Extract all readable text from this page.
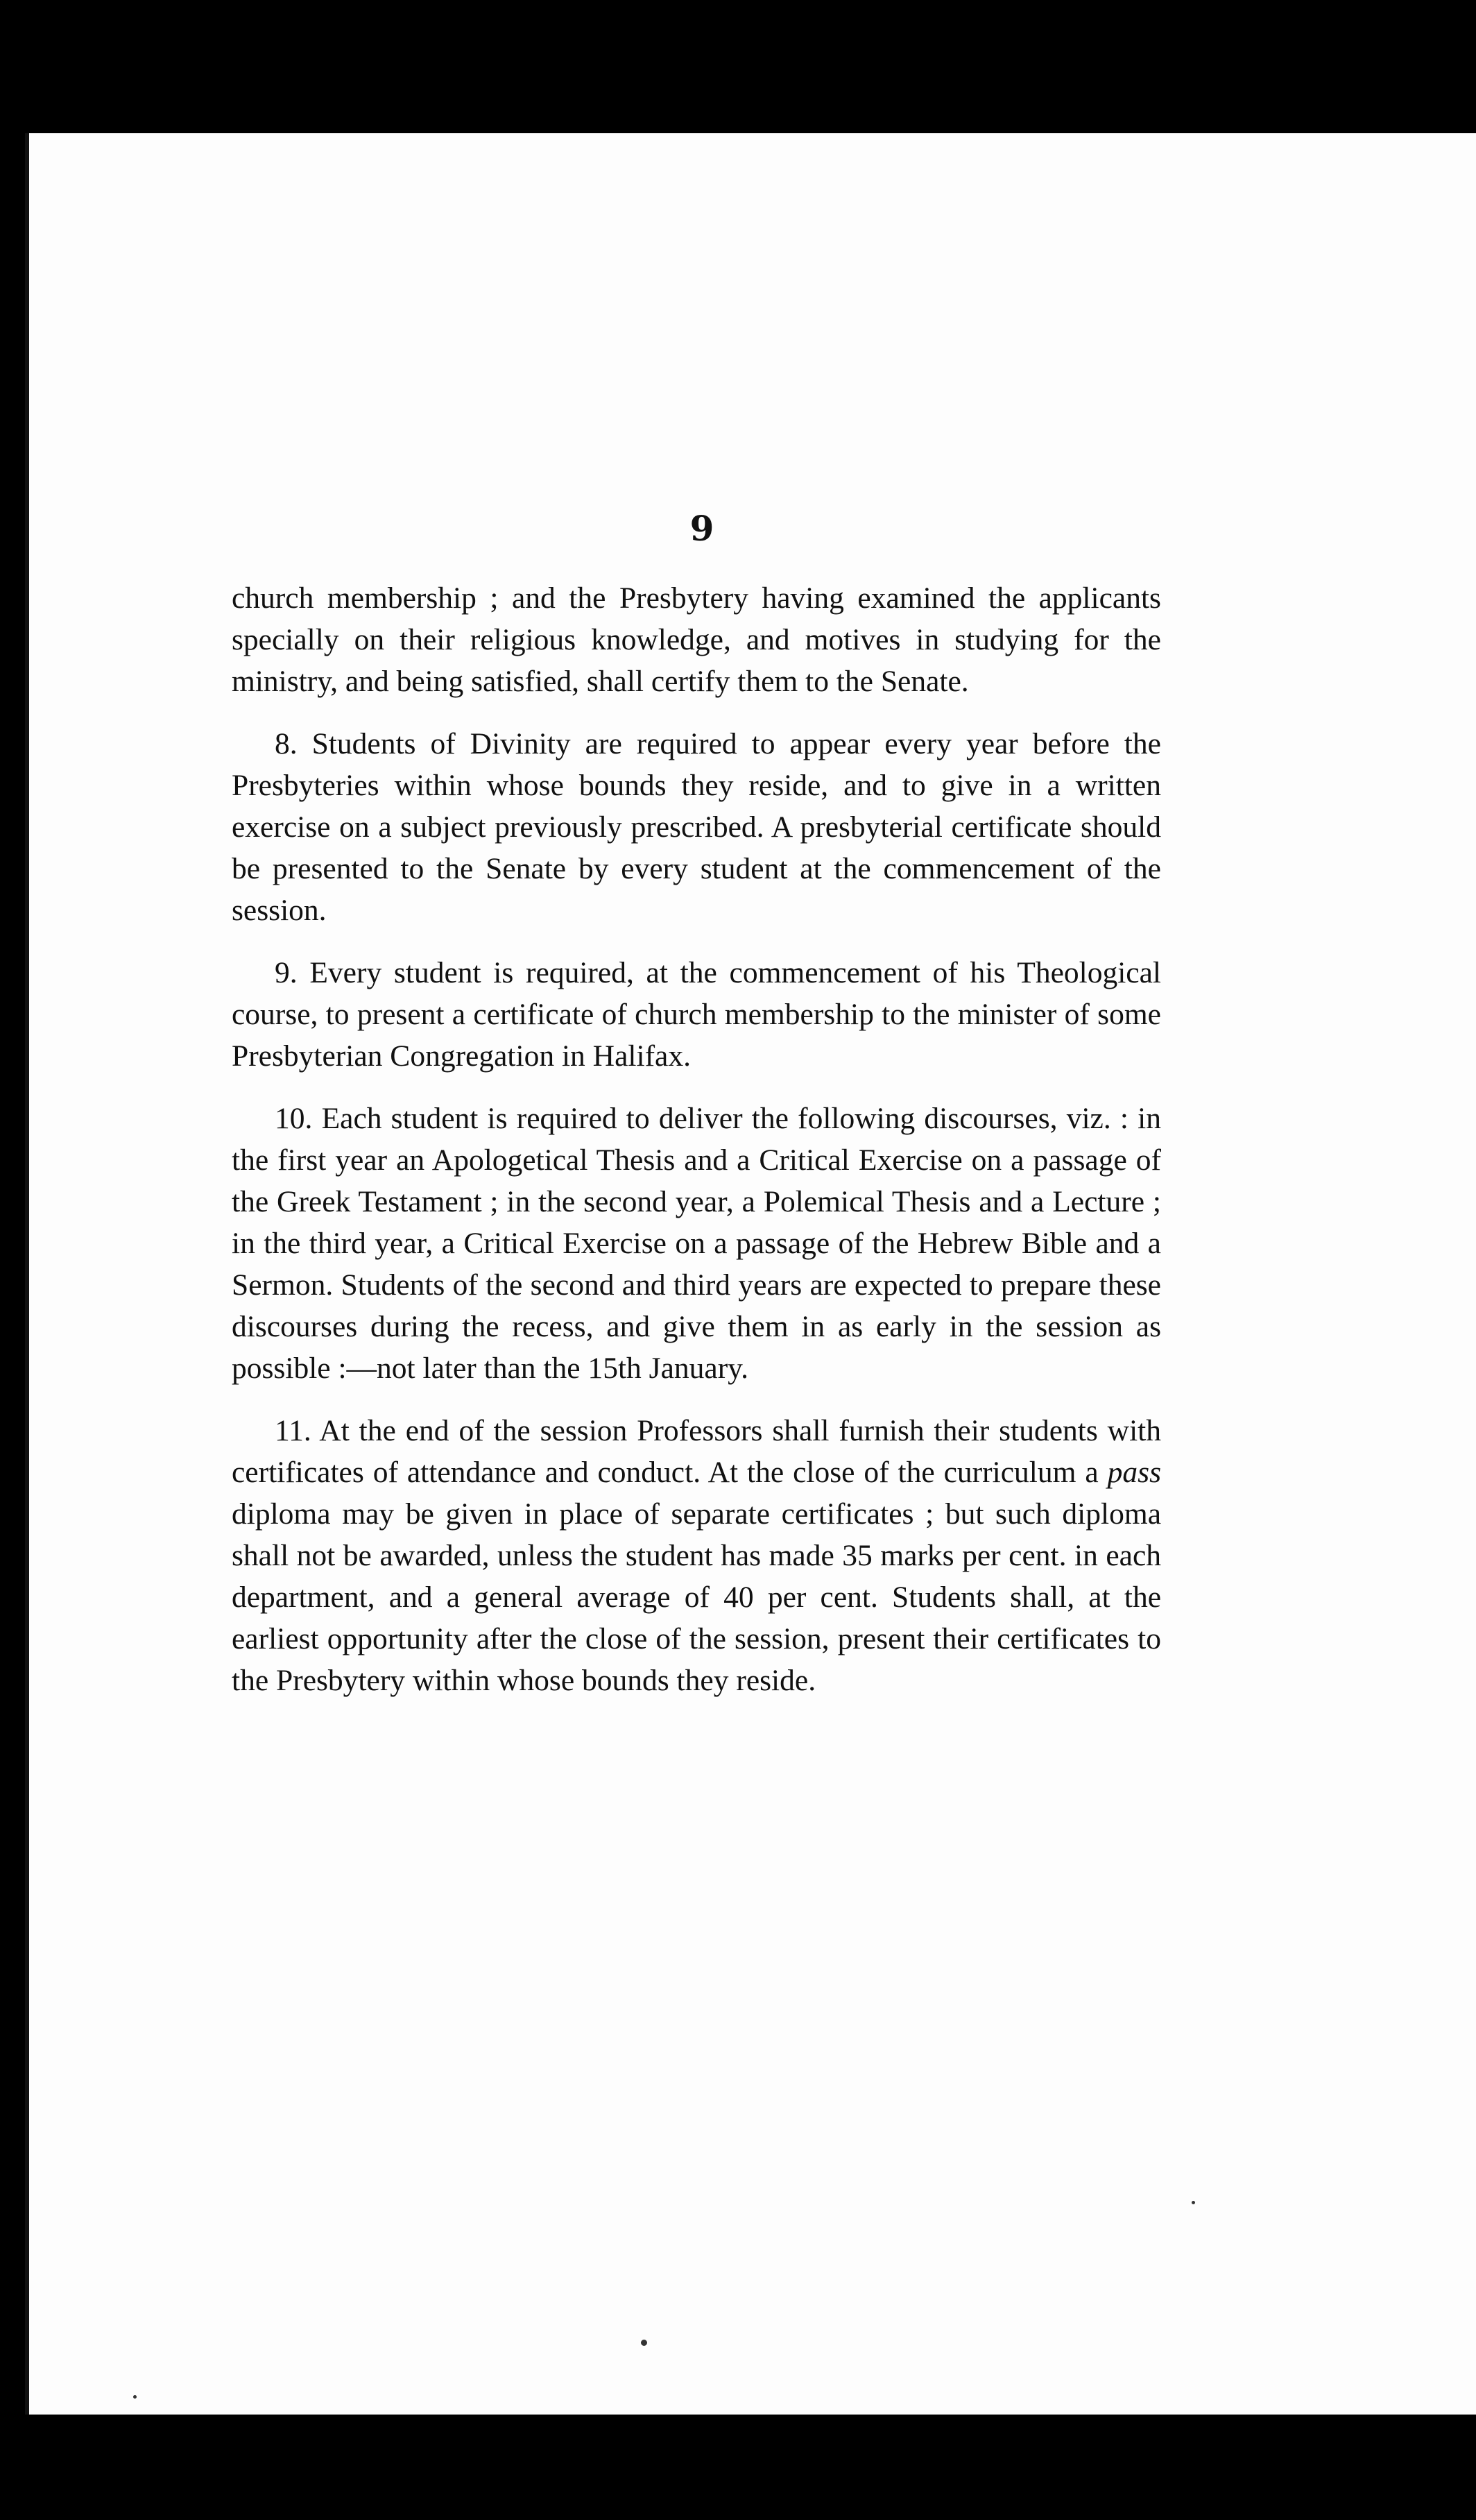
9

church membership ; and the Presbytery having examined the applicants specially on their religious knowledge, and motives in studying for the ministry, and being satisfied, shall certify them to the Senate.

8. Students of Divinity are required to appear every year before the Presbyteries within whose bounds they reside, and to give in a written exercise on a subject previously prescribed. A presbyterial certificate should be presented to the Senate by every student at the commencement of the session.

9. Every student is required, at the commencement of his Theological course, to present a certificate of church membership to the minister of some Presbyterian Congregation in Halifax.

10. Each student is required to deliver the following discourses, viz. : in the first year an Apologetical Thesis and a Critical Exercise on a passage of the Greek Testament ; in the second year, a Polemical Thesis and a Lecture ; in the third year, a Critical Exercise on a passage of the Hebrew Bible and a Sermon. Students of the second and third years are expected to prepare these discourses during the recess, and give them in as early in the session as possible :—not later than the 15th January.

11. At the end of the session Professors shall furnish their students with certificates of attendance and conduct. At the close of the curriculum a pass diploma may be given in place of separate certificates ; but such diploma shall not be awarded, unless the student has made 35 marks per cent. in each department, and a general average of 40 per cent. Students shall, at the earliest opportunity after the close of the session, present their certificates to the Presbytery within whose bounds they reside.
